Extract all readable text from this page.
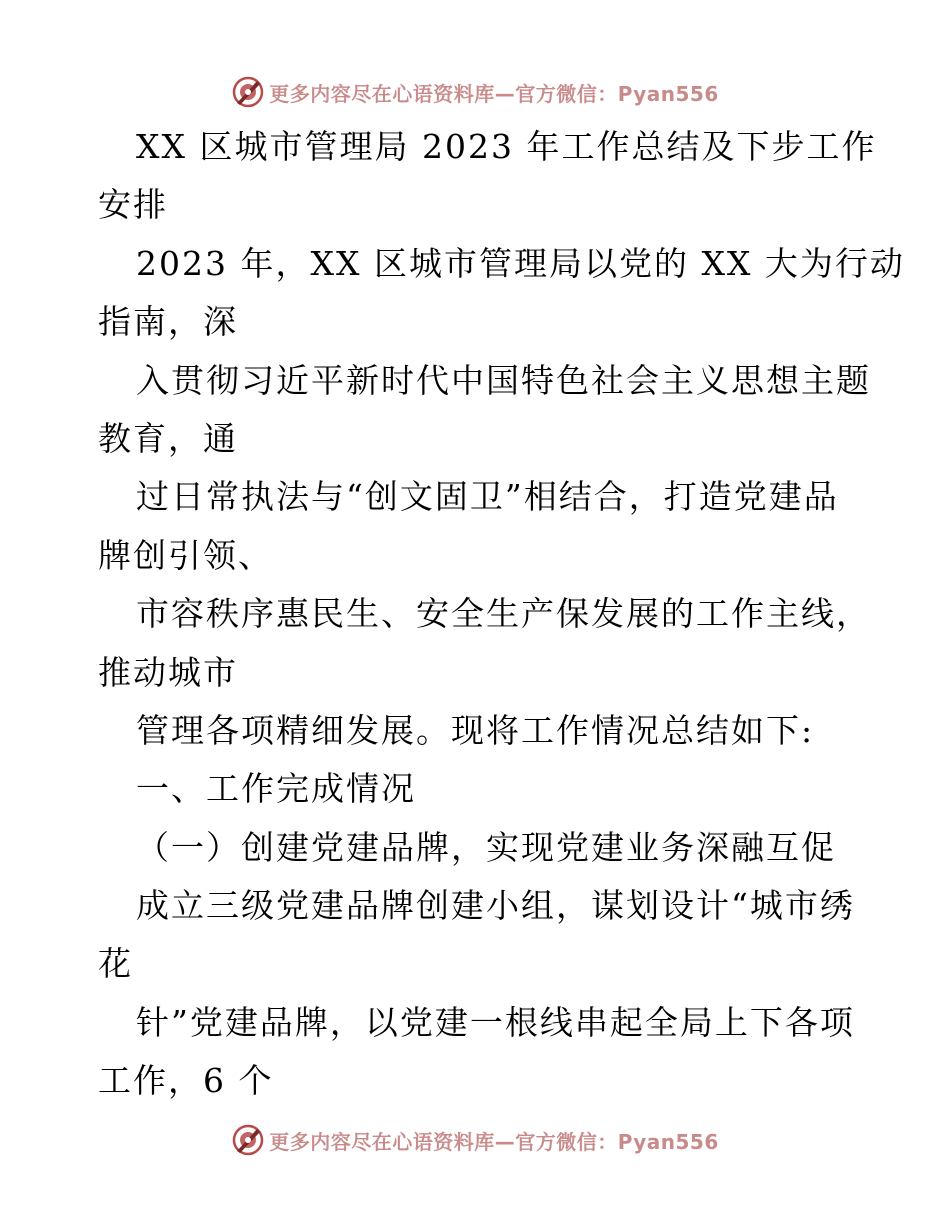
更多内容尽在心语资料库—官方微信：Pyan556
XX 区城市管理局 2023 年工作总结及下步工作
安排
2023 年，XX 区城市管理局以党的 XX 大为行动
指南，深
入贯彻习近平新时代中国特色社会主义思想主题
教育，通
过日常执法与“创文固卫”相结合，打造党建品
牌创引领、
市容秩序惠民生、安全生产保发展的工作主线，
推动城市
管理各项精细发展。现将工作情况总结如下:
一、工作完成情况
（一）创建党建品牌，实现党建业务深融互促
成立三级党建品牌创建小组，谋划设计“城市绣
花
针”党建品牌，以党建一根线串起全局上下各项
工作，6 个
更多内容尽在心语资料库—官方微信：Pyan556
